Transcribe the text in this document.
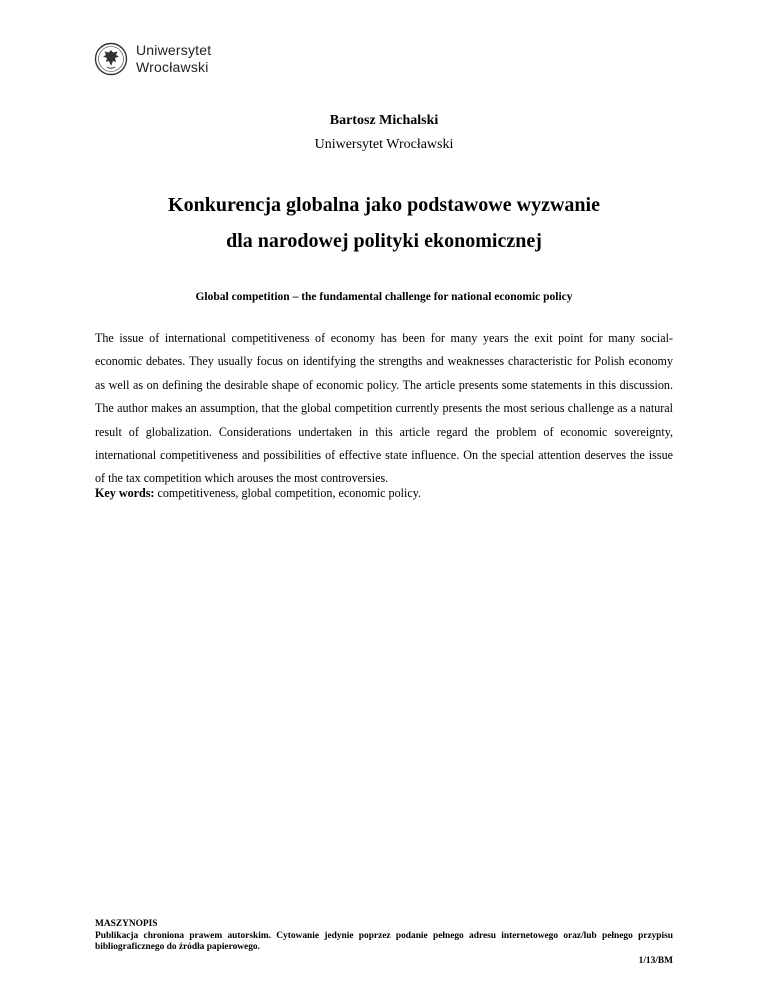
Uniwersytet
Wrocławski
Bartosz Michalski
Uniwersytet Wrocławski
Konkurencja globalna jako podstawowe wyzwanie
dla narodowej polityki ekonomicznej
Global competition – the fundamental challenge for national economic policy

The issue of international competitiveness of economy has been for many years the exit point for many social-economic debates. They usually focus on identifying the strengths and weaknesses characteristic for Polish economy as well as on defining the desirable shape of economic policy. The article presents some statements in this discussion. The author makes an assumption, that the global competition currently presents the most serious challenge as a natural result of globalization. Considerations undertaken in this article regard the problem of economic sovereignty, international competitiveness and possibilities of effective state influence. On the special attention deserves the issue of the tax competition which arouses the most controversies.

Key words: competitiveness, global competition, economic policy.

MASZYNOPIS
Publikacja chroniona prawem autorskim. Cytowanie jedynie poprzez podanie pełnego adresu internetowego oraz/lub pełnego przypisu bibliograficznego do źródła papierowego.
1/13/BM
